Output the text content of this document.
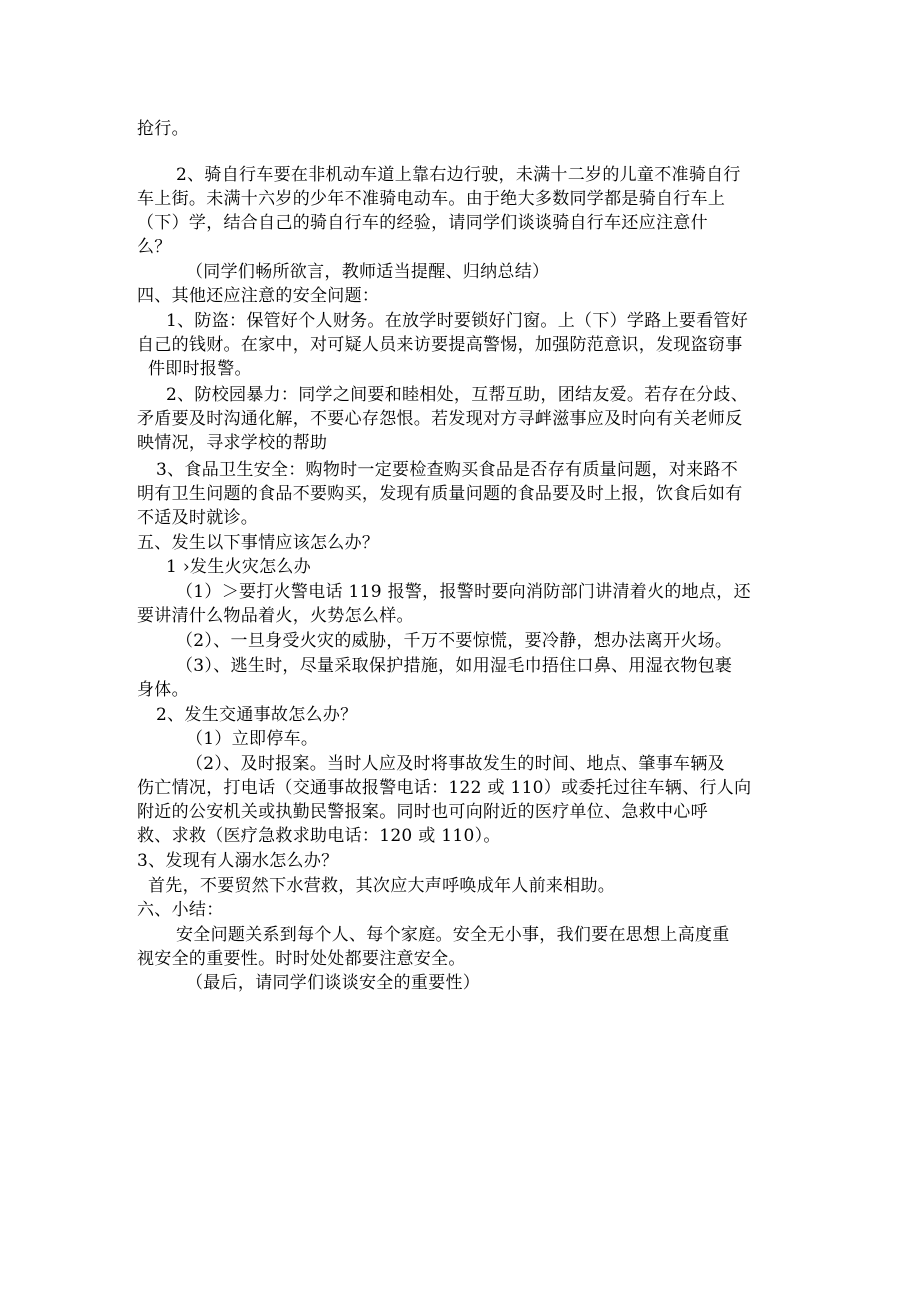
抢行。
2、骑自行车要在非机动车道上靠右边行驶，未满十二岁的儿童不准骑自行
车上街。未满十六岁的少年不准骑电动车。由于绝大多数同学都是骑自行车上
（下）学，结合自己的骑自行车的经验，请同学们谈谈骑自行车还应注意什
么？
（同学们畅所欲言，教师适当提醒、归纳总结）
四、其他还应注意的安全问题：
1、防盗：保管好个人财务。在放学时要锁好门窗。上（下）学路上要看管好
自己的钱财。在家中，对可疑人员来访要提高警惕，加强防范意识，发现盗窃事
件即时报警。
2、防校园暴力：同学之间要和睦相处，互帮互助，团结友爱。若存在分歧、
矛盾要及时沟通化解，不要心存怨恨。若发现对方寻衅滋事应及时向有关老师反
映情况，寻求学校的帮助
3、食品卫生安全：购物时一定要检查购买食品是否存有质量问题，对来路不
明有卫生问题的食品不要购买，发现有质量问题的食品要及时上报，饮食后如有
不适及时就诊。
五、发生以下事情应该怎么办？
1 ›发生火灾怎么办
（1）＞要打火警电话 119 报警，报警时要向消防部门讲清着火的地点，还
要讲清什么物品着火，火势怎么样。
（2）、一旦身受火灾的威胁，千万不要惊慌，要冷静，想办法离开火场。
（3）、逃生时，尽量采取保护措施，如用湿毛巾捂住口鼻、用湿衣物包裹
身体。
2、发生交通事故怎么办？
（1）立即停车。
（2）、及时报案。当时人应及时将事故发生的时间、地点、肇事车辆及
伤亡情况，打电话（交通事故报警电话：122 或 110）或委托过往车辆、行人向
附近的公安机关或执勤民警报案。同时也可向附近的医疗单位、急救中心呼
救、求救（医疗急救求助电话：120 或 110）。
3、发现有人溺水怎么办？
首先，不要贸然下水营救，其次应大声呼唤成年人前来相助。
六、小结：
安全问题关系到每个人、每个家庭。安全无小事，我们要在思想上高度重
视安全的重要性。时时处处都要注意安全。
（最后，请同学们谈谈安全的重要性）
